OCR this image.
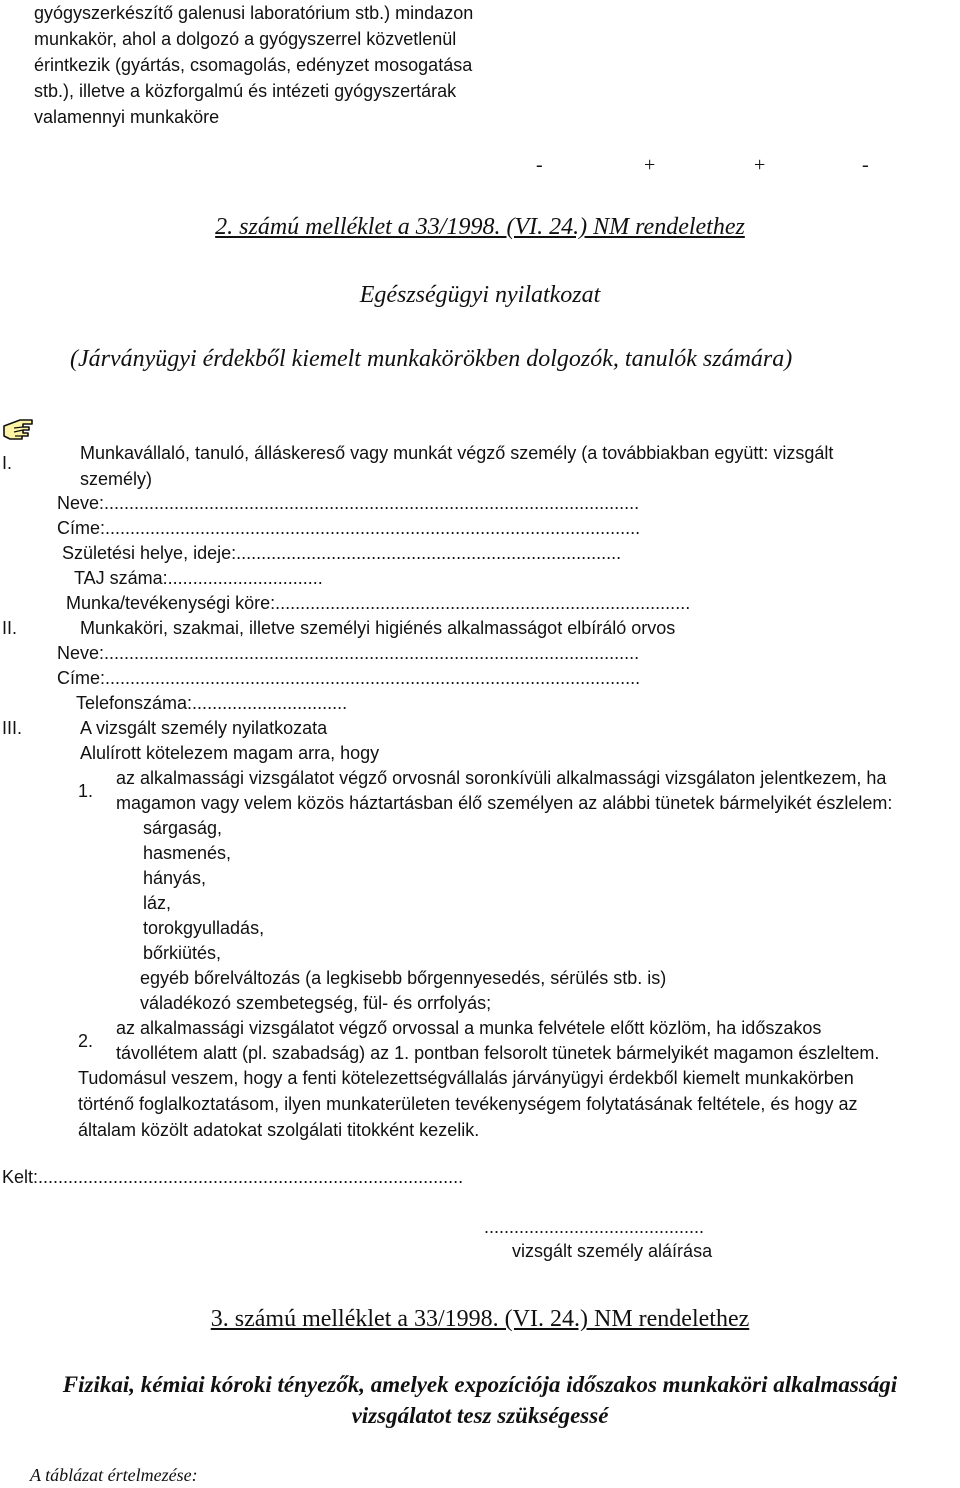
gyógyszerkészítő galenusi laboratórium stb.) mindazon
munkakör, ahol a dolgozó a gyógyszerrel közvetlenül
érintkezik (gyártás, csomagolás, edényzet mosogatása
stb.), illetve a közforgalmú és intézeti gyógyszertárak
valamennyi munkaköre
-	+	+	-
2. számú melléklet a 33/1998. (VI. 24.) NM rendelethez
Egészségügyi nyilatkozat
(Járványügyi érdekből kiemelt munkakörökben dolgozók, tanulók számára)
I.	Munkavállaló, tanuló, álláskereső vagy munkát végző személy (a továbbiakban együtt: vizsgált
személy)
Neve:...........................................................................................................
Címe:...........................................................................................................
Születési helye, ideje:.............................................................................
TAJ száma:...............................
Munka/tevékenységi köre:...................................................................................
II.	Munkaköri, szakmai, illetve személyi higiénés alkalmasságot elbíráló orvos
Neve:...........................................................................................................
Címe:...........................................................................................................
Telefonszáma:...............................
III.	A vizsgált személy nyilatkozata
Alulírott kötelezem magam arra, hogy
1.
az alkalmassági vizsgálatot végző orvosnál soronkívüli alkalmassági vizsgálaton jelentkezem, ha
magamon vagy velem közös háztartásban élő személyen az alábbi tünetek bármelyikét észlelem:
sárgaság,
hasmenés,
hányás,
láz,
torokgyulladás,
bőrkiütés,
egyéb bőrelváltozás (a legkisebb bőrgennyesedés, sérülés stb. is)
váladékozó szembetegség, fül- és orrfolyás;
2.
az alkalmassági vizsgálatot végző orvossal a munka felvétele előtt közlöm, ha időszakos
távollétem alatt (pl. szabadság) az 1. pontban felsorolt tünetek bármelyikét magamon észleltem.
Tudomásul veszem, hogy a fenti kötelezettségvállalás járványügyi érdekből kiemelt munkakörben
történő foglalkoztatásom, ilyen munkaterületen tevékenységem folytatásának feltétele, és hogy az
általam közölt adatokat szolgálati titokként kezelik.
Kelt:.....................................................................................
............................................
vizsgált személy aláírása
3. számú melléklet a 33/1998. (VI. 24.) NM rendelethez
Fizikai, kémiai kóroki tényezők, amelyek expozíciója időszakos munkaköri alkalmassági
vizsgálatot tesz szükségessé
A táblázat értelmezése:
